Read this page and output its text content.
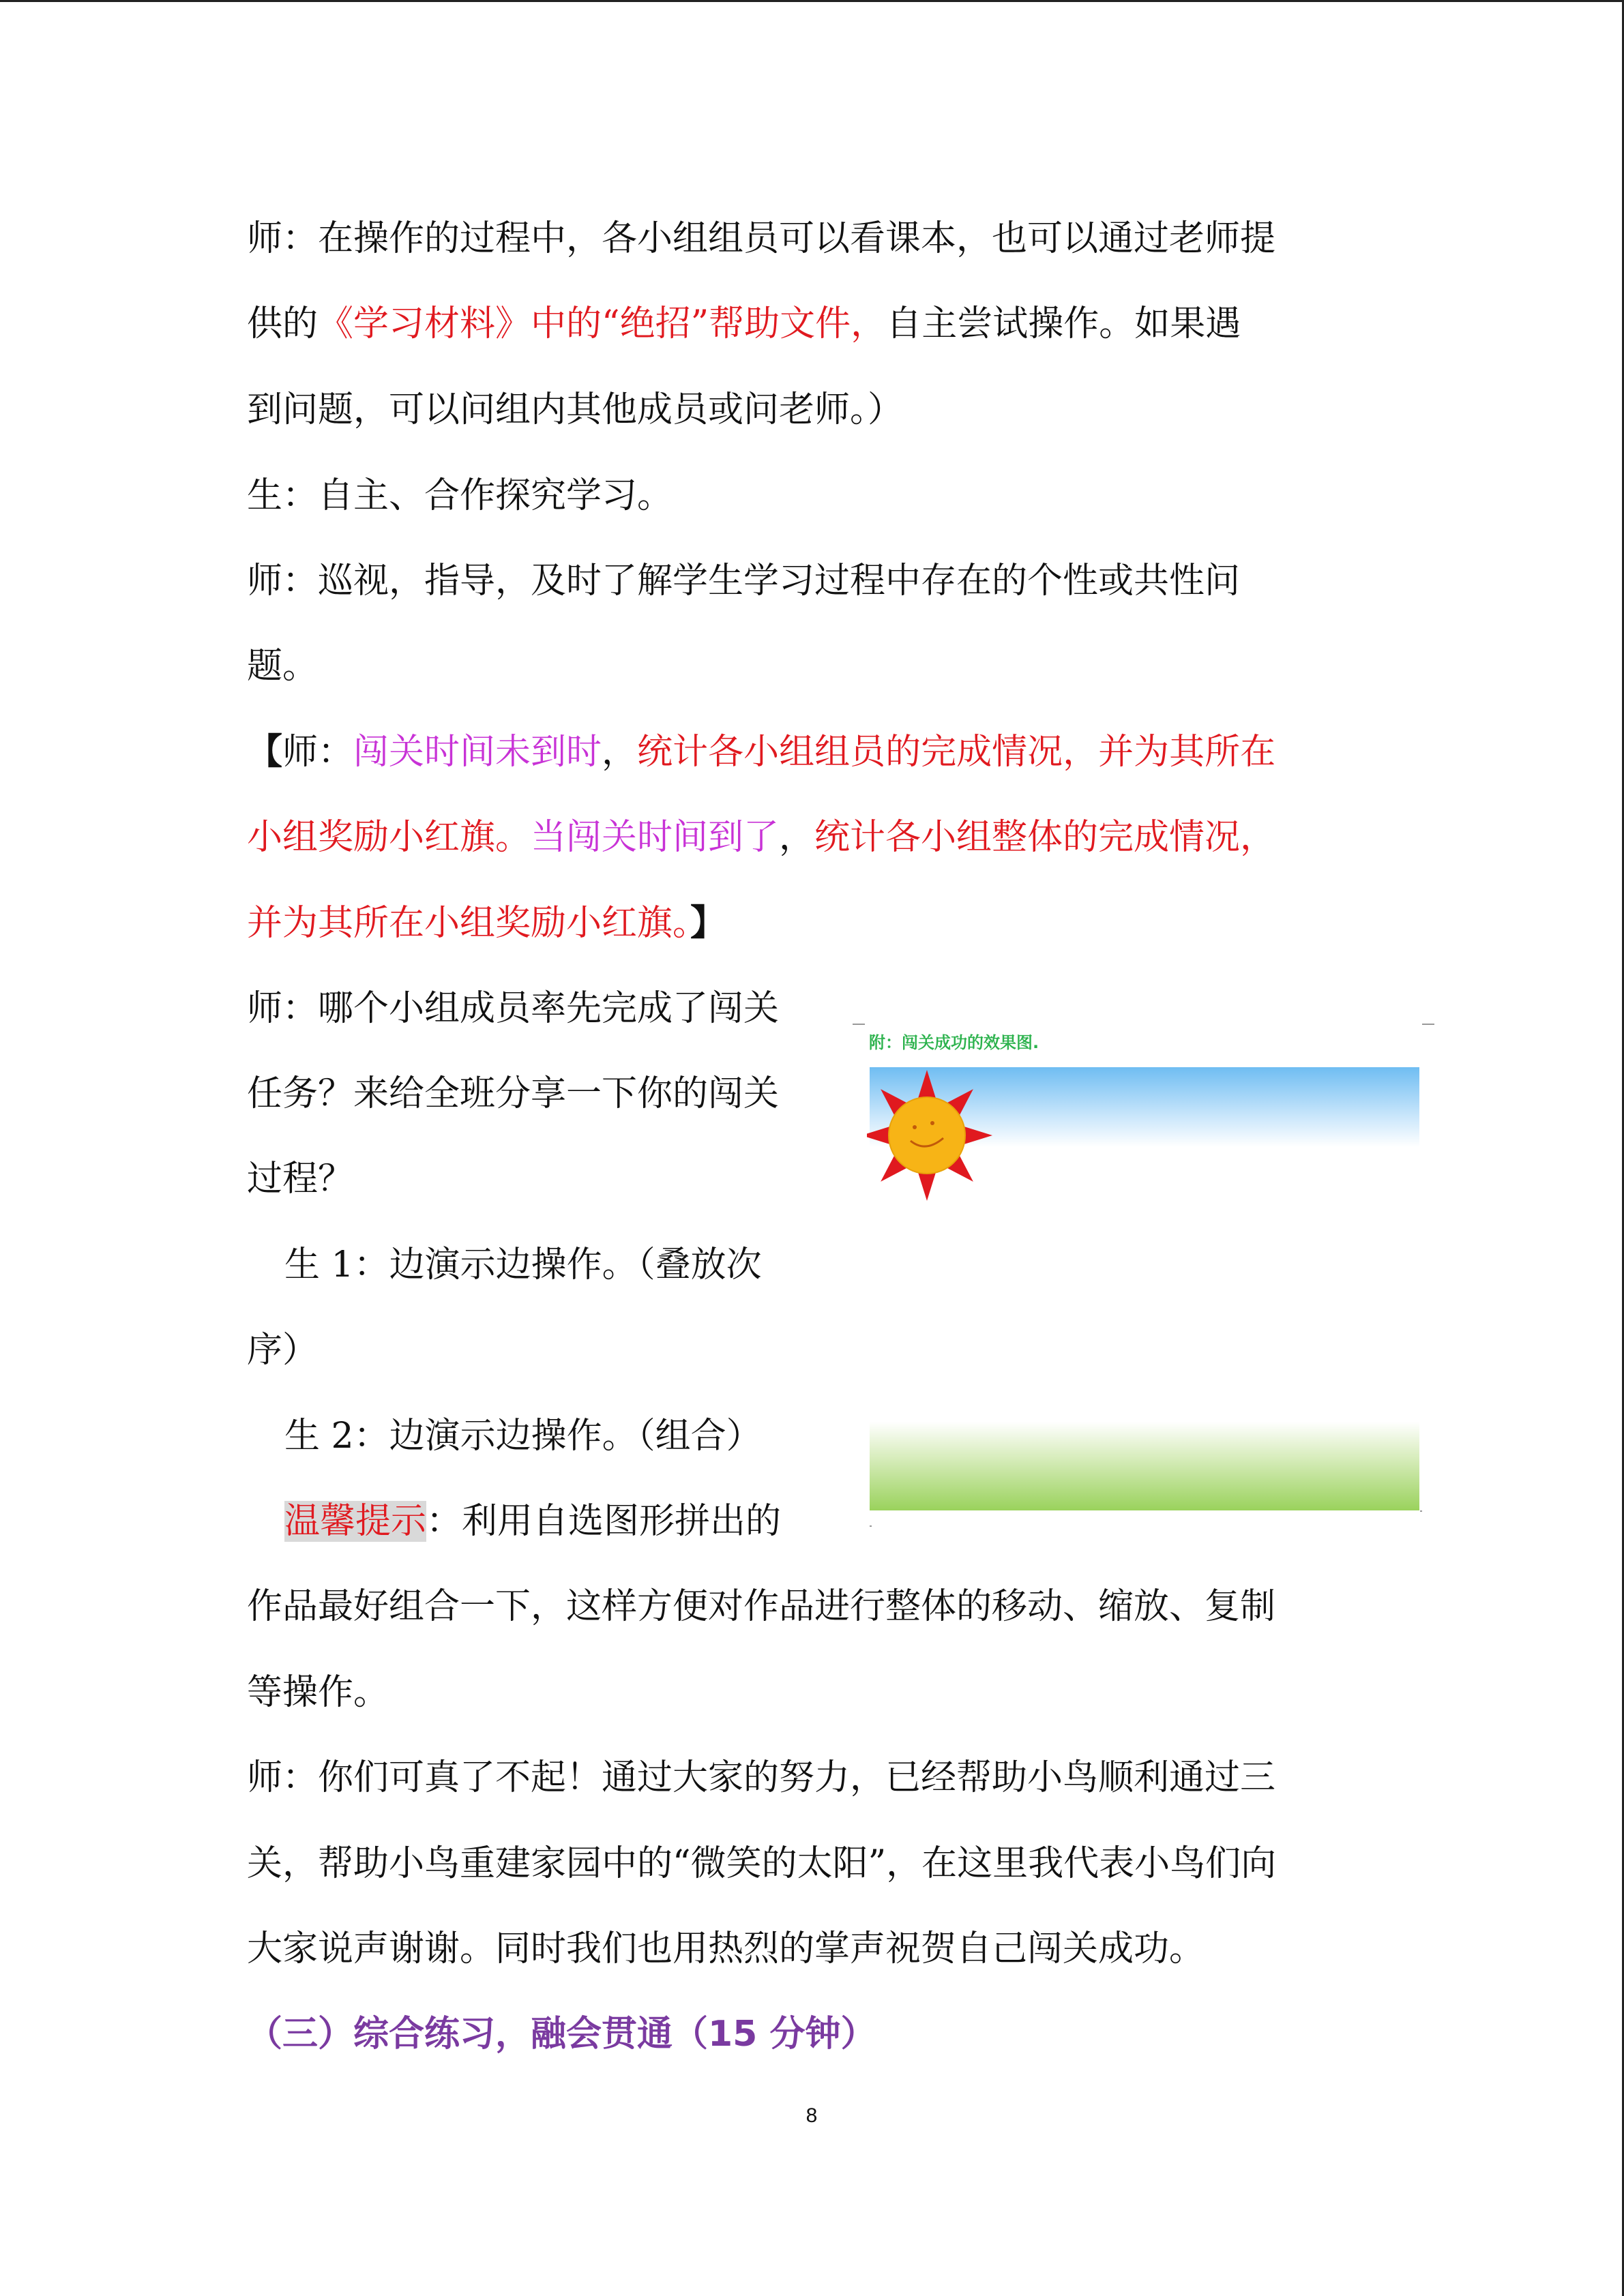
师：在操作的过程中，各小组组员可以看课本，也可以通过老师提
供的《学习材料》中的“绝招”帮助文件，自主尝试操作。如果遇
到问题，可以问组内其他成员或问老师。）
生：自主、合作探究学习。
师：巡视，指导，及时了解学生学习过程中存在的个性或共性问
题。
【师：闯关时间未到时，统计各小组组员的完成情况，并为其所在
小组奖励小红旗。当闯关时间到了，统计各小组整体的完成情况，
并为其所在小组奖励小红旗。】
师：哪个小组成员率先完成了闯关
任务？来给全班分享一下你的闯关
过程？
生 1：边演示边操作。（叠放次
序）
生 2：边演示边操作。（组合）
温馨提示：利用自选图形拼出的
作品最好组合一下，这样方便对作品进行整体的移动、缩放、复制
等操作。
师：你们可真了不起！通过大家的努力，已经帮助小鸟顺利通过三
关，帮助小鸟重建家园中的“微笑的太阳”，在这里我代表小鸟们向
大家说声谢谢。同时我们也用热烈的掌声祝贺自己闯关成功。
（三）综合练习，融会贯通（15 分钟）
附：闯关成功的效果图.
8
